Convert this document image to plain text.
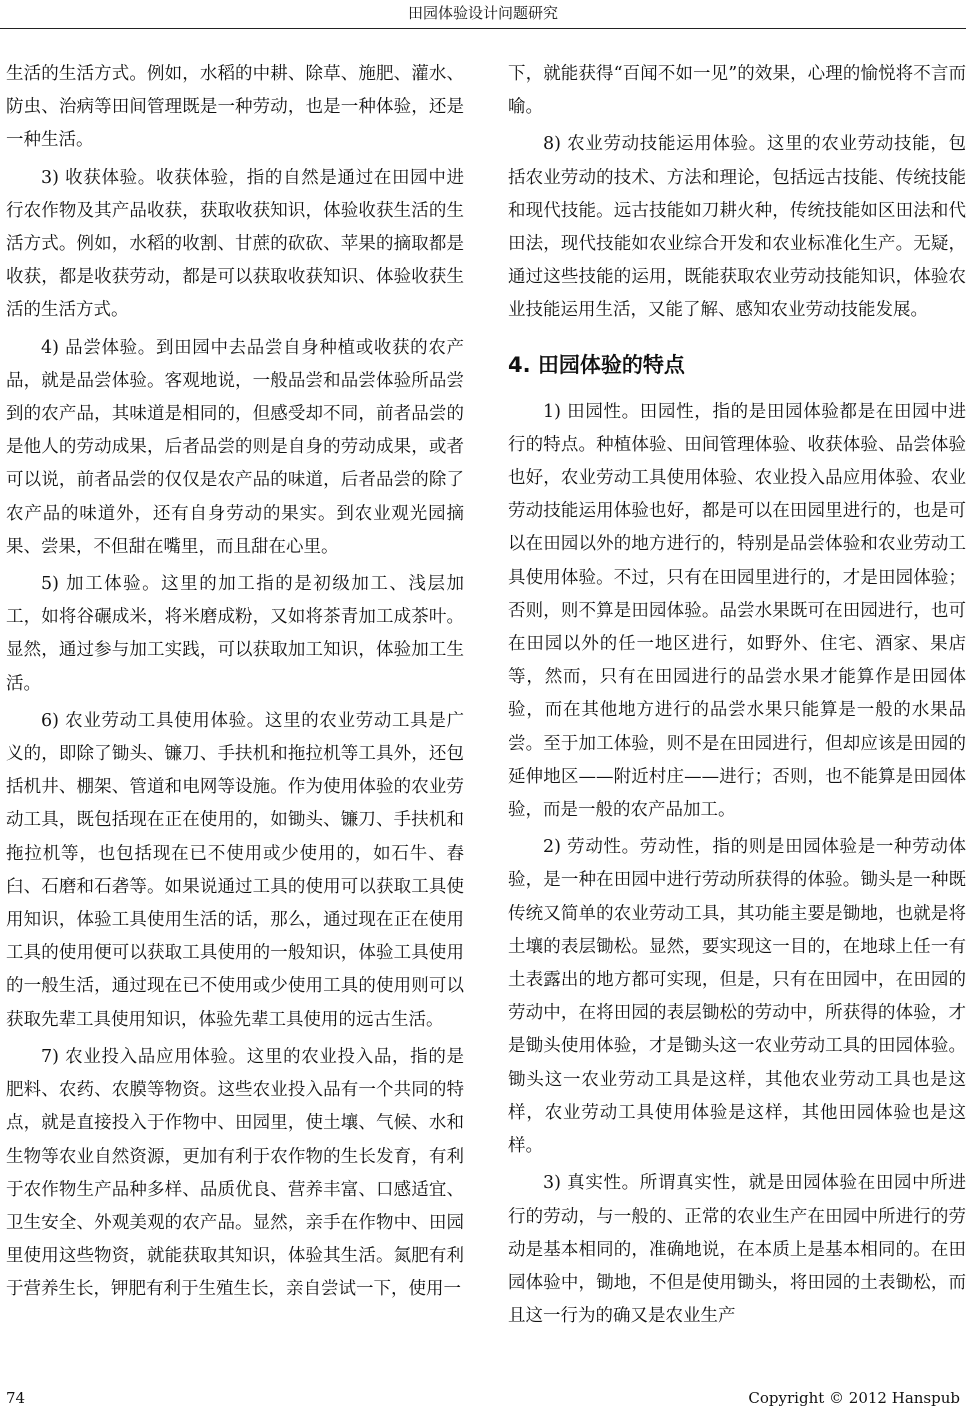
田园体验设计问题研究

生活的生活方式。例如，水稻的中耕、除草、施肥、灌水、防虫、治病等田间管理既是一种劳动，也是一种体验，还是一种生活。

3) 收获体验。收获体验，指的自然是通过在田园中进行农作物及其产品收获，获取收获知识，体验收获生活的生活方式。例如，水稻的收割、甘蔗的砍砍、苹果的摘取都是收获，都是收获劳动，都是可以获取收获知识、体验收获生活的生活方式。

4) 品尝体验。到田园中去品尝自身种植或收获的农产品，就是品尝体验。客观地说，一般品尝和品尝体验所品尝到的农产品，其味道是相同的，但感受却不同，前者品尝的是他人的劳动成果，后者品尝的则是自身的劳动成果，或者可以说，前者品尝的仅仅是农产品的味道，后者品尝的除了农产品的味道外，还有自身劳动的果实。到农业观光园摘果、尝果，不但甜在嘴里，而且甜在心里。

5) 加工体验。这里的加工指的是初级加工、浅层加工，如将谷碾成米，将米磨成粉，又如将茶青加工成茶叶。显然，通过参与加工实践，可以获取加工知识，体验加工生活。

6) 农业劳动工具使用体验。这里的农业劳动工具是广义的，即除了锄头、镰刀、手扶机和拖拉机等工具外，还包括机井、棚架、管道和电网等设施。作为使用体验的农业劳动工具，既包括现在正在使用的，如锄头、镰刀、手扶机和拖拉机等，也包括现在已不使用或少使用的，如石牛、舂臼、石磨和石砻等。如果说通过工具的使用可以获取工具使用知识，体验工具使用生活的话，那么，通过现在正在使用工具的使用便可以获取工具使用的一般知识，体验工具使用的一般生活，通过现在已不使用或少使用工具的使用则可以获取先辈工具使用知识，体验先辈工具使用的远古生活。

7) 农业投入品应用体验。这里的农业投入品，指的是肥料、农药、农膜等物资。这些农业投入品有一个共同的特点，就是直接投入于作物中、田园里，使土壤、气候、水和生物等农业自然资源，更加有利于农作物的生长发育，有利于农作物生产品种多样、品质优良、营养丰富、口感适宜、卫生安全、外观美观的农产品。显然，亲手在作物中、田园里使用这些物资，就能获取其知识，体验其生活。氮肥有利于营养生长，钾肥有利于生殖生长，亲自尝试一下，使用一

下，就能获得“百闻不如一见”的效果，心理的愉悦将不言而喻。

8) 农业劳动技能运用体验。这里的农业劳动技能，包括农业劳动的技术、方法和理论，包括远古技能、传统技能和现代技能。远古技能如刀耕火种，传统技能如区田法和代田法，现代技能如农业综合开发和农业标准化生产。无疑，通过这些技能的运用，既能获取农业劳动技能知识，体验农业技能运用生活，又能了解、感知农业劳动技能发展。

4. 田园体验的特点

1) 田园性。田园性，指的是田园体验都是在田园中进行的特点。种植体验、田间管理体验、收获体验、品尝体验也好，农业劳动工具使用体验、农业投入品应用体验、农业劳动技能运用体验也好，都是可以在田园里进行的，也是可以在田园以外的地方进行的，特别是品尝体验和农业劳动工具使用体验。不过，只有在田园里进行的，才是田园体验；否则，则不算是田园体验。品尝水果既可在田园进行，也可在田园以外的任一地区进行，如野外、住宅、酒家、果店等，然而，只有在田园进行的品尝水果才能算作是田园体验，而在其他地方进行的品尝水果只能算是一般的水果品尝。至于加工体验，则不是在田园进行，但却应该是田园的延伸地区——附近村庄——进行；否则，也不能算是田园体验，而是一般的农产品加工。

2) 劳动性。劳动性，指的则是田园体验是一种劳动体验，是一种在田园中进行劳动所获得的体验。锄头是一种既传统又简单的农业劳动工具，其功能主要是锄地，也就是将土壤的表层锄松。显然，要实现这一目的，在地球上任一有土表露出的地方都可实现，但是，只有在田园中，在田园的劳动中，在将田园的表层锄松的劳动中，所获得的体验，才是锄头使用体验，才是锄头这一农业劳动工具的田园体验。锄头这一农业劳动工具是这样，其他农业劳动工具也是这样，农业劳动工具使用体验是这样，其他田园体验也是这样。

3) 真实性。所谓真实性，就是田园体验在田园中所进行的劳动，与一般的、正常的农业生产在田园中所进行的劳动是基本相同的，准确地说，在本质上是基本相同的。在田园体验中，锄地，不但是使用锄头，将田园的土表锄松，而且这一行为的确又是农业生产

74	Copyright © 2012 Hanspub
